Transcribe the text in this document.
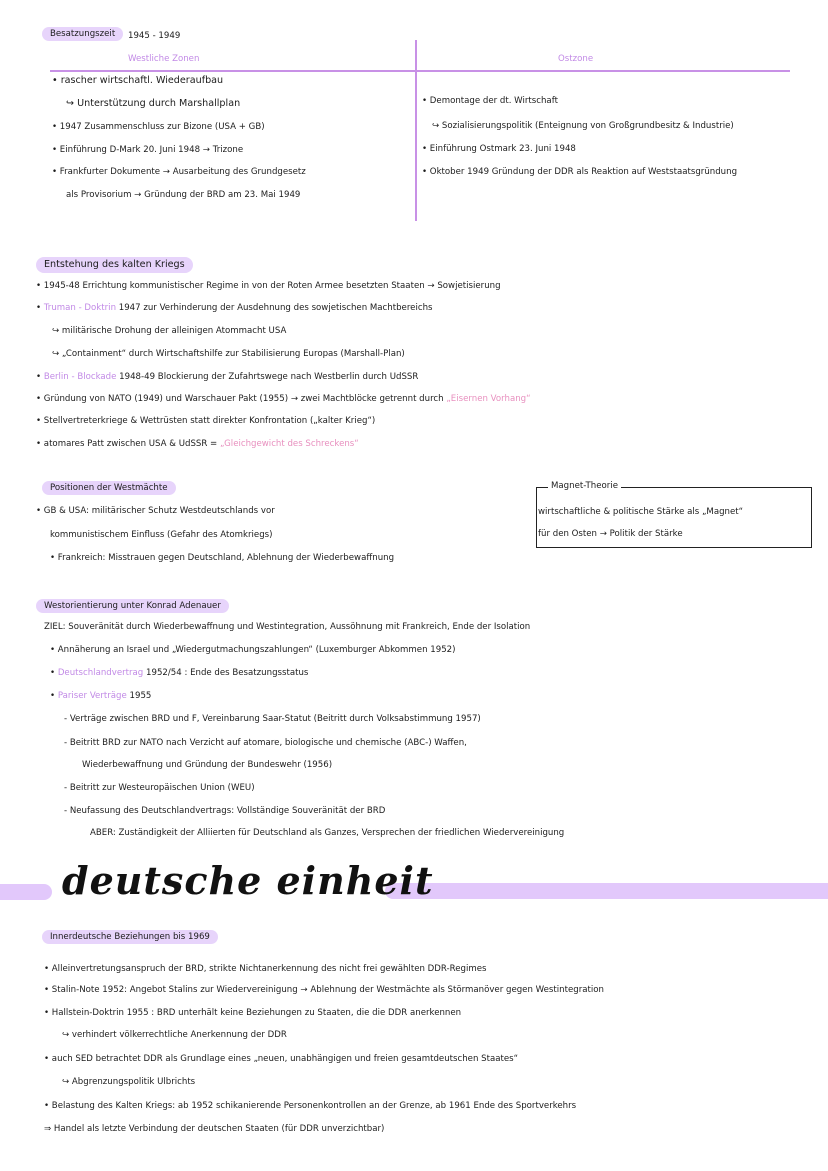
Besatzungszeit	1945 - 1949
Westliche Zonen	Ostzone
• rascher wirtschaftl. Wiederaufbau
↪ Unterstützung durch Marshallplan
• 1947 Zusammenschluss zur Bizone (USA + GB)
• Einführung D-Mark 20. Juni 1948 → Trizone
• Frankfurter Dokumente → Ausarbeitung des Grundgesetz
als Provisorium → Gründung der BRD am 23. Mai 1949
• Demontage der dt. Wirtschaft
↪ Sozialisierungspolitik (Enteignung von Großgrundbesitz & Industrie)
• Einführung Ostmark 23. Juni 1948
• Oktober 1949 Gründung der DDR als Reaktion auf Weststaatsgründung
Entstehung des kalten Kriegs
• 1945-48 Errichtung kommunistischer Regime in von der Roten Armee besetzten Staaten → Sowjetisierung
• Truman - Doktrin 1947 zur Verhinderung der Ausdehnung des sowjetischen Machtbereichs
↪ militärische Drohung der alleinigen Atommacht USA
↪ „Containment“ durch Wirtschaftshilfe zur Stabilisierung Europas (Marshall-Plan)
• Berlin - Blockade 1948-49 Blockierung der Zufahrtswege nach Westberlin durch UdSSR
• Gründung von NATO (1949) und Warschauer Pakt (1955) → zwei Machtblöcke getrennt durch „Eisernen Vorhang“
• Stellvertreterkriege & Wettrüsten statt direkter Konfrontation („kalter Krieg“)
• atomares Patt zwischen USA & UdSSR = „Gleichgewicht des Schreckens“
Positionen der Westmächte
• GB & USA: militärischer Schutz Westdeutschlands vor
kommunistischem Einfluss (Gefahr des Atomkriegs)
• Frankreich: Misstrauen gegen Deutschland, Ablehnung der Wiederbewaffnung
Magnet-Theorie
wirtschaftliche & politische Stärke als „Magnet“
für den Osten → Politik der Stärke
Westorientierung unter Konrad Adenauer
ZIEL: Souveränität durch Wiederbewaffnung und Westintegration, Aussöhnung mit Frankreich, Ende der Isolation
• Annäherung an Israel und „Wiedergutmachungszahlungen“ (Luxemburger Abkommen 1952)
• Deutschlandvertrag 1952/54 : Ende des Besatzungsstatus
• Pariser Verträge 1955
- Verträge zwischen BRD und F, Vereinbarung Saar-Statut (Beitritt durch Volksabstimmung 1957)
- Beitritt BRD zur NATO nach Verzicht auf atomare, biologische und chemische (ABC-) Waffen,
Wiederbewaffnung und Gründung der Bundeswehr (1956)
- Beitritt zur Westeuropäischen Union (WEU)
- Neufassung des Deutschlandvertrags: Vollständige Souveränität der BRD
ABER: Zuständigkeit der Alliierten für Deutschland als Ganzes, Versprechen der friedlichen Wiedervereinigung
deutsche einheit
Innerdeutsche Beziehungen bis 1969
• Alleinvertretungsanspruch der BRD, strikte Nichtanerkennung des nicht frei gewählten DDR-Regimes
• Stalin-Note 1952: Angebot Stalins zur Wiedervereinigung → Ablehnung der Westmächte als Störmanöver gegen Westintegration
• Hallstein-Doktrin 1955 : BRD unterhält keine Beziehungen zu Staaten, die die DDR anerkennen
↪ verhindert völkerrechtliche Anerkennung der DDR
• auch SED betrachtet DDR als Grundlage eines „neuen, unabhängigen und freien gesamtdeutschen Staates“
↪ Abgrenzungspolitik Ulbrichts
• Belastung des Kalten Kriegs: ab 1952 schikanierende Personenkontrollen an der Grenze, ab 1961 Ende des Sportverkehrs
⇒ Handel als letzte Verbindung der deutschen Staaten (für DDR unverzichtbar)
